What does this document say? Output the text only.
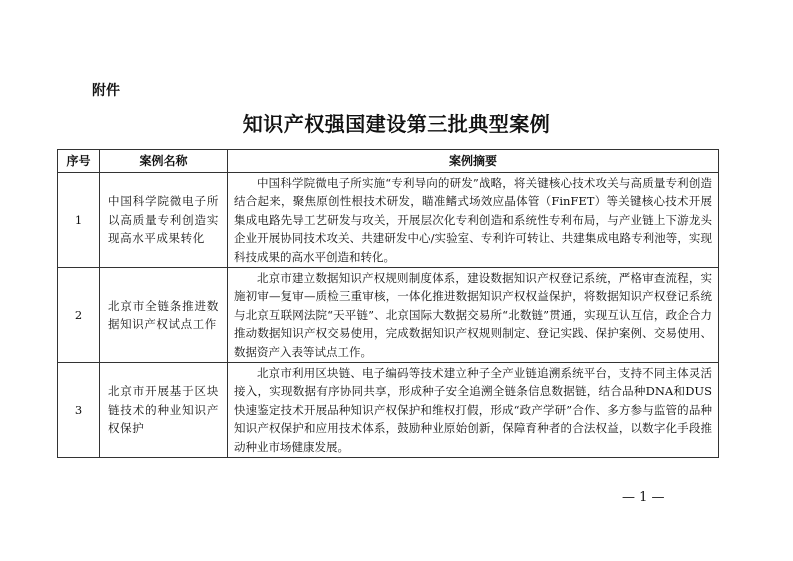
附件
知识产权强国建设第三批典型案例
序号	案例名称	案例摘要
1	中国科学院微电子所以高质量专利创造实现高水平成果转化	中国科学院微电子所实施“专利导向的研发”战略，将关键核心技术攻关与高质量专利创造结合起来，聚焦原创性根技术研发，瞄准鳍式场效应晶体管（FinFET）等关键核心技术开展集成电路先导工艺研发与攻关，开展层次化专利创造和系统性专利布局，与产业链上下游龙头企业开展协同技术攻关、共建研发中心/实验室、专利许可转让、共建集成电路专利池等，实现科技成果的高水平创造和转化。
2	北京市全链条推进数据知识产权试点工作	北京市建立数据知识产权规则制度体系，建设数据知识产权登记系统，严格审查流程，实施初审—复审—质检三重审核，一体化推进数据知识产权权益保护，将数据知识产权登记系统与北京互联网法院“天平链”、北京国际大数据交易所“北数链”贯通，实现互认互信，政企合力推动数据知识产权交易使用，完成数据知识产权规则制定、登记实践、保护案例、交易使用、数据资产入表等试点工作。
3	北京市开展基于区块链技术的种业知识产权保护	北京市利用区块链、电子编码等技术建立种子全产业链追溯系统平台，支持不同主体灵活接入，实现数据有序协同共享，形成种子安全追溯全链条信息数据链，结合品种DNA和DUS快速鉴定技术开展品种知识产权保护和维权打假，形成“政产学研”合作、多方参与监管的品种知识产权保护和应用技术体系，鼓励种业原始创新，保障育种者的合法权益，以数字化手段推动种业市场健康发展。
— 1 —
